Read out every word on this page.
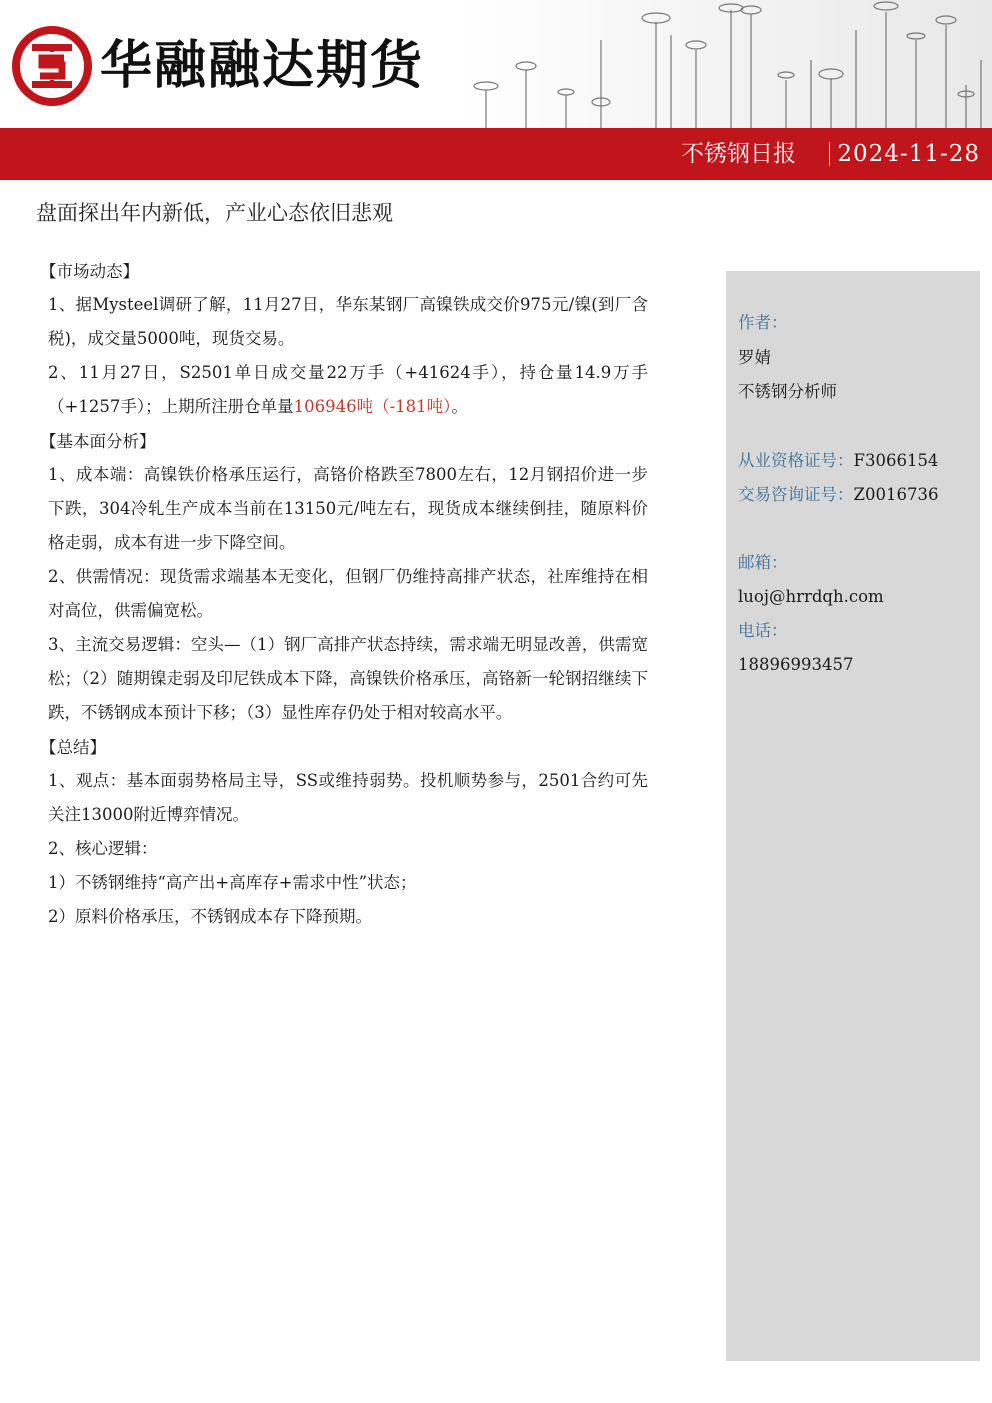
华融融达期货
不锈钢日报 2024-11-28
盘面探出年内新低，产业心态依旧悲观
【市场动态】
1、据Mysteel调研了解，11月27日，华东某钢厂高镍铁成交价975元/镍(到厂含税)，成交量5000吨，现货交易。
2、11月27日，S2501单日成交量22万手（+41624手），持仓量14.9万手（+1257手）；上期所注册仓单量106946吨（-181吨）。
【基本面分析】
1、成本端：高镍铁价格承压运行，高铬价格跌至7800左右，12月钢招价进一步下跌，304冷轧生产成本当前在13150元/吨左右，现货成本继续倒挂，随原料价格走弱，成本有进一步下降空间。
2、供需情况：现货需求端基本无变化，但钢厂仍维持高排产状态，社库维持在相对高位，供需偏宽松。
3、主流交易逻辑：空头—（1）钢厂高排产状态持续，需求端无明显改善，供需宽松；（2）随期镍走弱及印尼铁成本下降，高镍铁价格承压，高铬新一轮钢招继续下跌，不锈钢成本预计下移；（3）显性库存仍处于相对较高水平。
【总结】
1、观点：基本面弱势格局主导，SS或维持弱势。投机顺势参与，2501合约可先关注13000附近博弈情况。
2、核心逻辑：
1）不锈钢维持“高产出+高库存+需求中性”状态；
2）原料价格承压，不锈钢成本存下降预期。
作者：
罗婧
不锈钢分析师
从业资格证号：F3066154
交易咨询证号：Z0016736
邮箱：
luoj@hrrdqh.com
电话：
18896993457
